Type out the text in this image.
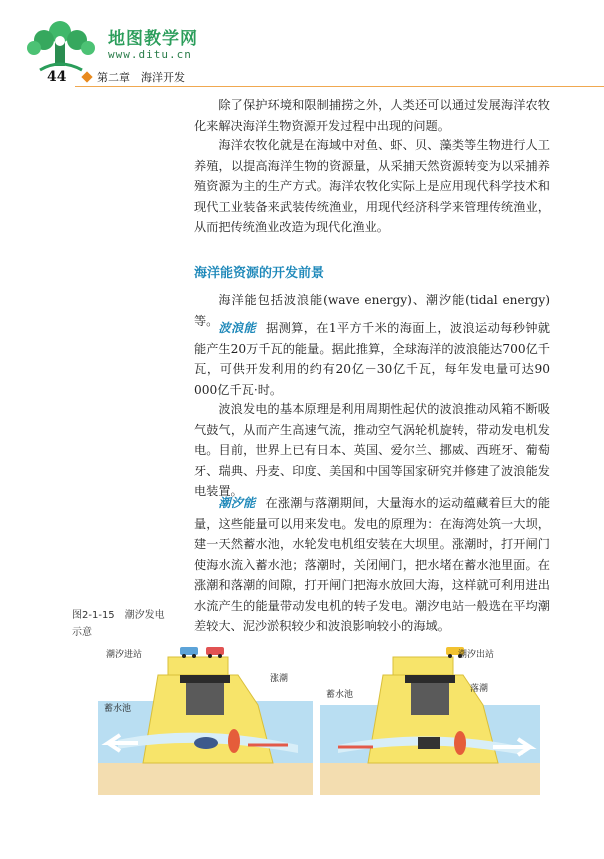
地图教学网
www.ditu.cn
44	第二章　海洋开发

除了保护环境和限制捕捞之外，人类还可以通过发展海洋农牧化来解决海洋生物资源开发过程中出现的问题。

海洋农牧化就是在海域中对鱼、虾、贝、藻类等生物进行人工养殖，以提高海洋生物的资源量，从采捕天然资源转变为以采捕养殖资源为主的生产方式。海洋农牧化实际上是应用现代科学技术和现代工业装备来武装传统渔业，用现代经济科学来管理传统渔业，从而把传统渔业改造为现代化渔业。

海洋能资源的开发前景

海洋能包括波浪能(wave energy)、潮汐能(tidal energy)等。

波浪能 据测算，在1平方千米的海面上，波浪运动每秒钟就能产生20万千瓦的能量。据此推算，全球海洋的波浪能达700亿千瓦，可供开发利用的约有20亿－30亿千瓦，每年发电量可达90 000亿千瓦·时。

波浪发电的基本原理是利用周期性起伏的波浪推动风箱不断吸气鼓气，从而产生高速气流，推动空气涡轮机旋转，带动发电机发电。目前，世界上已有日本、英国、爱尔兰、挪威、西班牙、葡萄牙、瑞典、丹麦、印度、美国和中国等国家研究并修建了波浪能发电装置。

潮汐能 在涨潮与落潮期间，大量海水的运动蕴藏着巨大的能量，这些能量可以用来发电。发电的原理为：在海湾处筑一大坝，建一天然蓄水池，水轮发电机组安装在大坝里。涨潮时，打开闸门使海水流入蓄水池；落潮时，关闭闸门，把水堵在蓄水池里面。在涨潮和落潮的间隙，打开闸门把海水放回大海，这样就可利用进出水流产生的能量带动发电机的转子发电。潮汐电站一般选在平均潮差较大、泥沙淤积较少和波浪影响较小的海域。

图2-1-15　潮汐发电示意
潮汐进站
涨潮
蓄水池
潮汐出站
落潮
蓄水池
